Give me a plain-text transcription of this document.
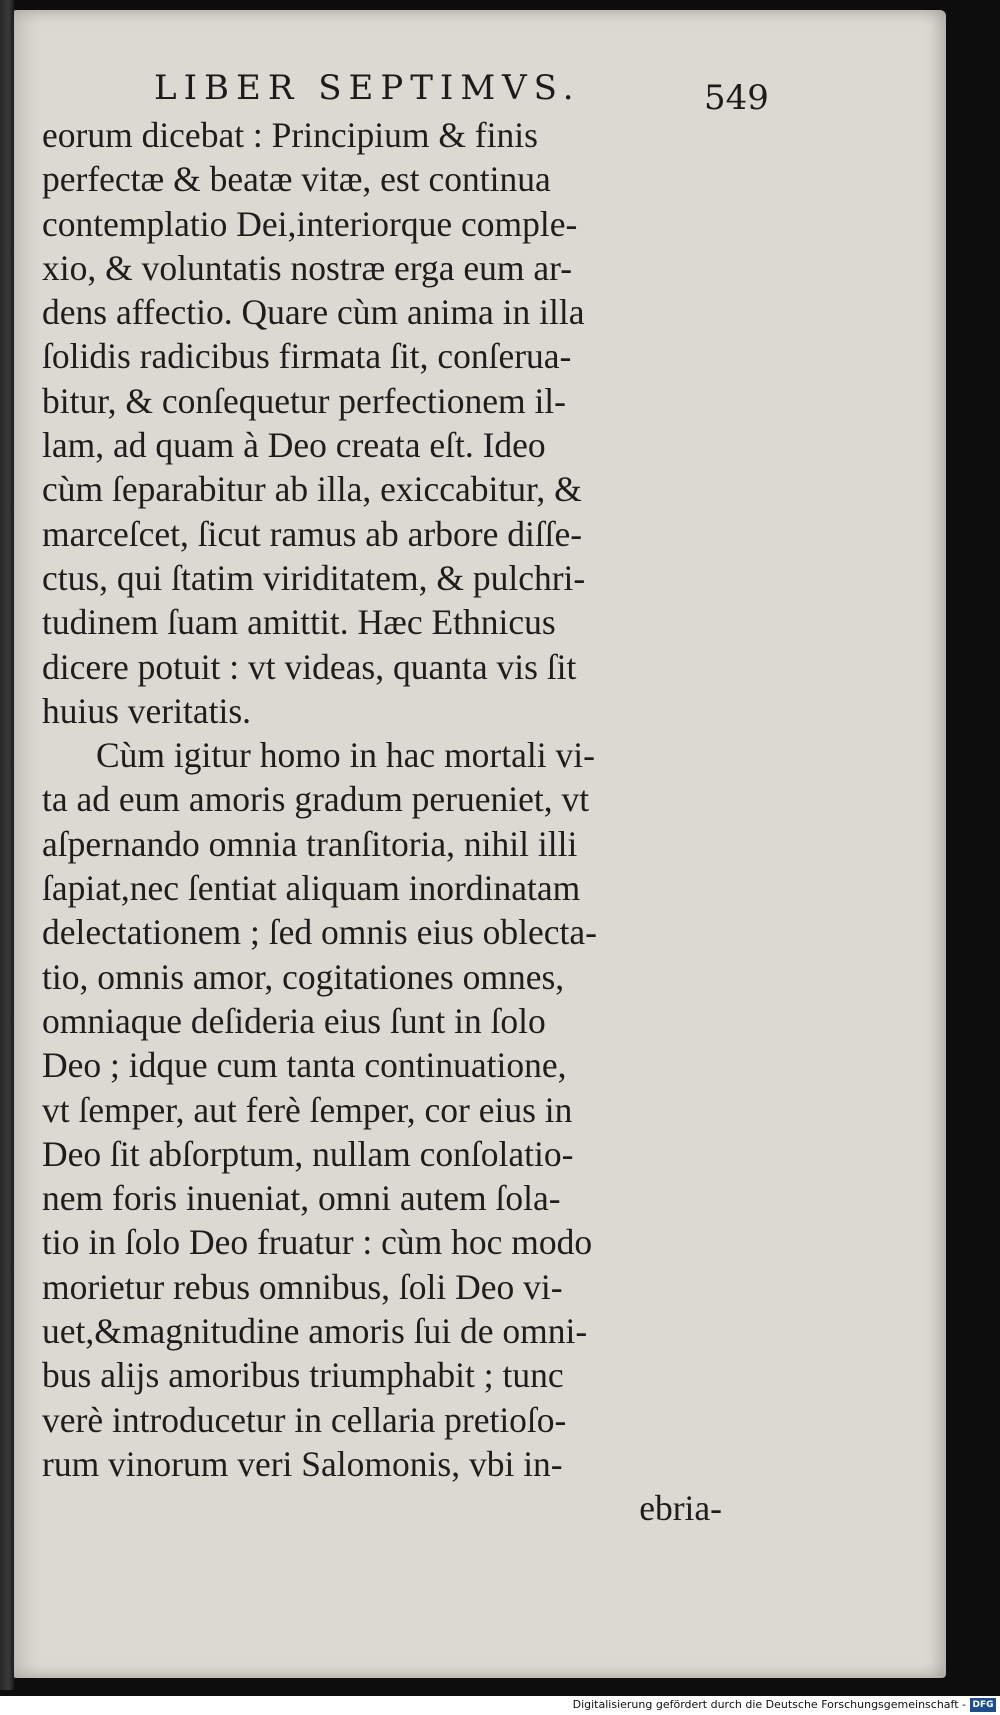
LIBER SEPTIMVS.	549
eorum dicebat : Principium & finis
perfectæ & beatæ vitæ, est continua
contemplatio Dei,interiorque comple-
xio, & voluntatis nostræ erga eum ar-
dens affectio. Quare cùm anima in illa
ſolidis radicibus firmata ſit, conſerua-
bitur, & conſequetur perfectionem il-
lam, ad quam à Deo creata eſt. Ideo
cùm ſeparabitur ab illa, exiccabitur, &
marceſcet, ſicut ramus ab arbore diſſe-
ctus, qui ſtatim viriditatem, & pulchri-
tudinem ſuam amittit. Hæc Ethnicus
dicere potuit : vt videas, quanta vis ſit
huius veritatis.
Cùm igitur homo in hac mortali vi-
ta ad eum amoris gradum perueniet, vt
aſpernando omnia tranſitoria, nihil illi
ſapiat,nec ſentiat aliquam inordinatam
delectationem ; ſed omnis eius oblecta-
tio, omnis amor, cogitationes omnes,
omniaque deſideria eius ſunt in ſolo
Deo ; idque cum tanta continuatione,
vt ſemper, aut ferè ſemper, cor eius in
Deo ſit abſorptum, nullam conſolatio-
nem foris inueniat, omni autem ſola-
tio in ſolo Deo fruatur : cùm hoc modo
morietur rebus omnibus, ſoli Deo vi-
uet,&magnitudine amoris ſui de omni-
bus alijs amoribus triumphabit ; tunc
verè introducetur in cellaria pretioſo-
rum vinorum veri Salomonis, vbi in-
ebria-
Digitalisierung gefördert durch die Deutsche Forschungsgemeinschaft - DFG
